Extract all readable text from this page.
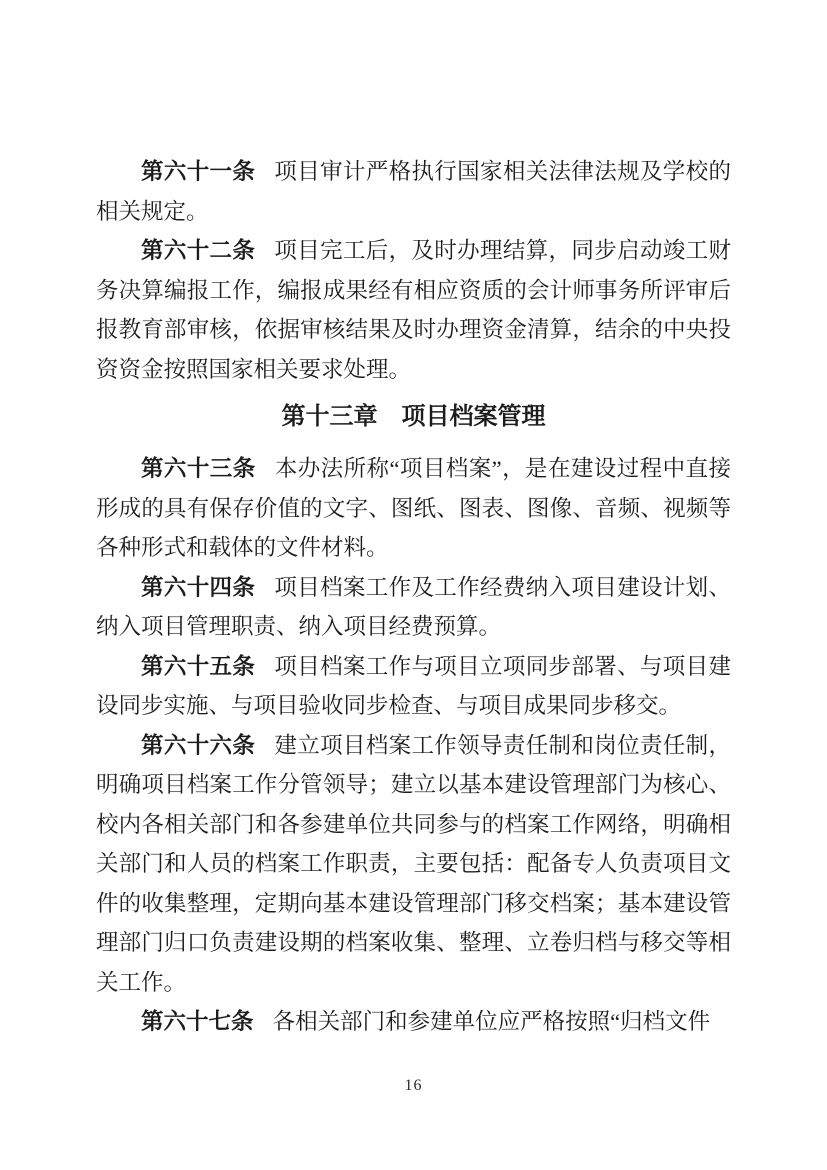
第六十一条 项目审计严格执行国家相关法律法规及学校的相关规定。

第六十二条 项目完工后，及时办理结算，同步启动竣工财务决算编报工作，编报成果经有相应资质的会计师事务所评审后报教育部审核，依据审核结果及时办理资金清算，结余的中央投资资金按照国家相关要求处理。

第十三章　项目档案管理

第六十三条 本办法所称“项目档案”，是在建设过程中直接形成的具有保存价值的文字、图纸、图表、图像、音频、视频等各种形式和载体的文件材料。

第六十四条 项目档案工作及工作经费纳入项目建设计划、纳入项目管理职责、纳入项目经费预算。

第六十五条 项目档案工作与项目立项同步部署、与项目建设同步实施、与项目验收同步检查、与项目成果同步移交。

第六十六条 建立项目档案工作领导责任制和岗位责任制，明确项目档案工作分管领导；建立以基本建设管理部门为核心、校内各相关部门和各参建单位共同参与的档案工作网络，明确相关部门和人员的档案工作职责，主要包括：配备专人负责项目文件的收集整理，定期向基本建设管理部门移交档案；基本建设管理部门归口负责建设期的档案收集、整理、立卷归档与移交等相关工作。

第六十七条 各相关部门和参建单位应严格按照“归档文件

16
